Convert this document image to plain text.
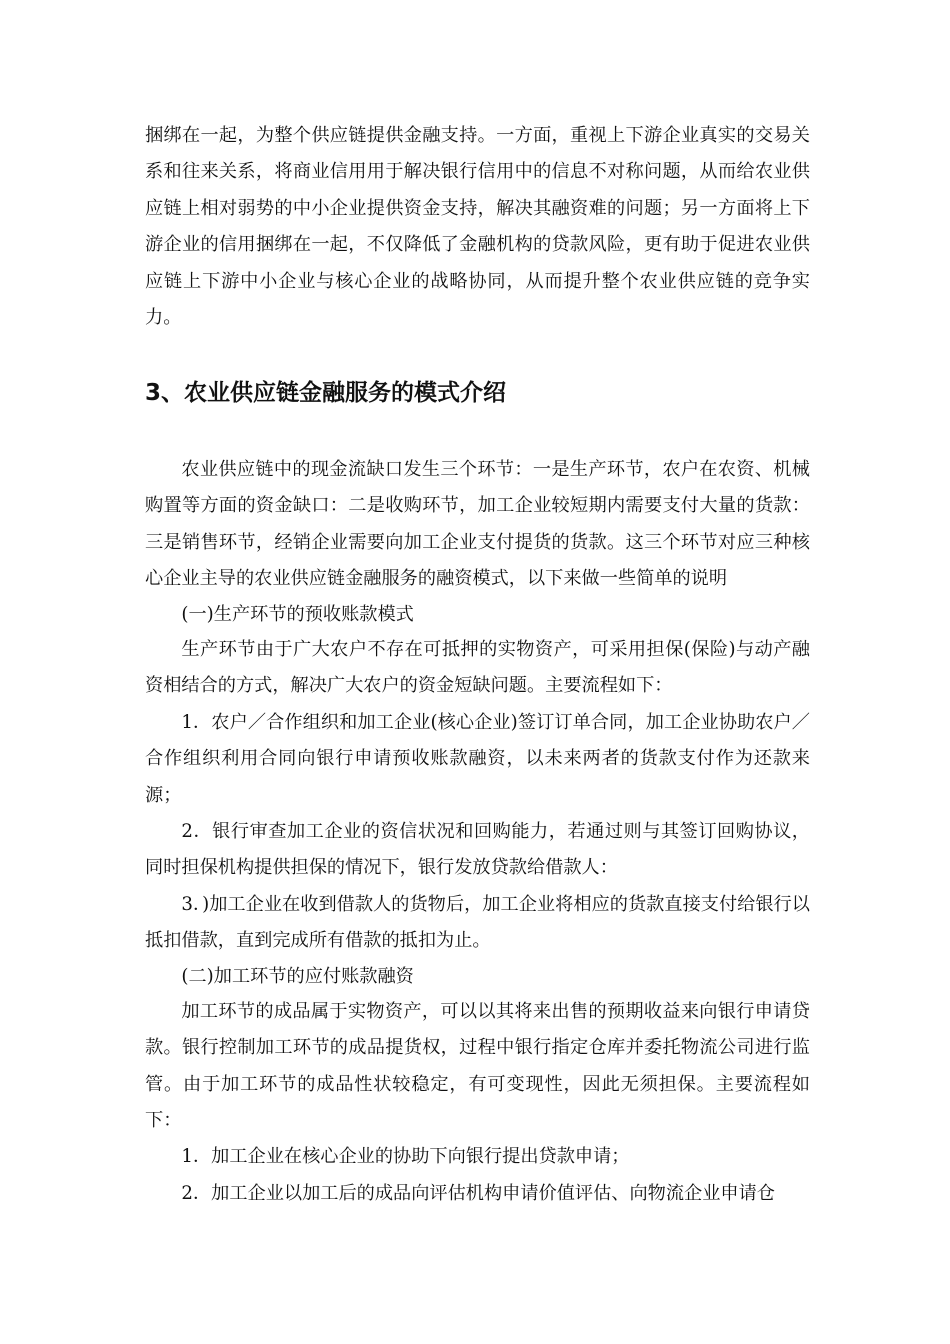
捆绑在一起，为整个供应链提供金融支持。一方面，重视上下游企业真实的交易关系和往来关系，将商业信用用于解决银行信用中的信息不对称问题，从而给农业供应链上相对弱势的中小企业提供资金支持，解决其融资难的问题；另一方面将上下游企业的信用捆绑在一起，不仅降低了金融机构的贷款风险，更有助于促进农业供应链上下游中小企业与核心企业的战略协同，从而提升整个农业供应链的竞争实力。

3、农业供应链金融服务的模式介绍

农业供应链中的现金流缺口发生三个环节：一是生产环节，农户在农资、机械购置等方面的资金缺口：二是收购环节，加工企业较短期内需要支付大量的货款：三是销售环节，经销企业需要向加工企业支付提货的货款。这三个环节对应三种核心企业主导的农业供应链金融服务的融资模式，以下来做一些简单的说明

(一)生产环节的预收账款模式

生产环节由于广大农户不存在可抵押的实物资产，可采用担保(保险)与动产融资相结合的方式，解决广大农户的资金短缺问题。主要流程如下：

1．农户／合作组织和加工企业(核心企业)签订订单合同，加工企业协助农户／合作组织利用合同向银行申请预收账款融资，以未来两者的货款支付作为还款来源；

2．银行审查加工企业的资信状况和回购能力，若通过则与其签订回购协议，同时担保机构提供担保的情况下，银行发放贷款给借款人：

3．)加工企业在收到借款人的货物后，加工企业将相应的货款直接支付给银行以抵扣借款，直到完成所有借款的抵扣为止。

(二)加工环节的应付账款融资

加工环节的成品属于实物资产，可以以其将来出售的预期收益来向银行申请贷款。银行控制加工环节的成品提货权，过程中银行指定仓库并委托物流公司进行监管。由于加工环节的成品性状较稳定，有可变现性，因此无须担保。主要流程如下：

1．加工企业在核心企业的协助下向银行提出贷款申请；

2．加工企业以加工后的成品向评估机构申请价值评估、向物流企业申请仓
